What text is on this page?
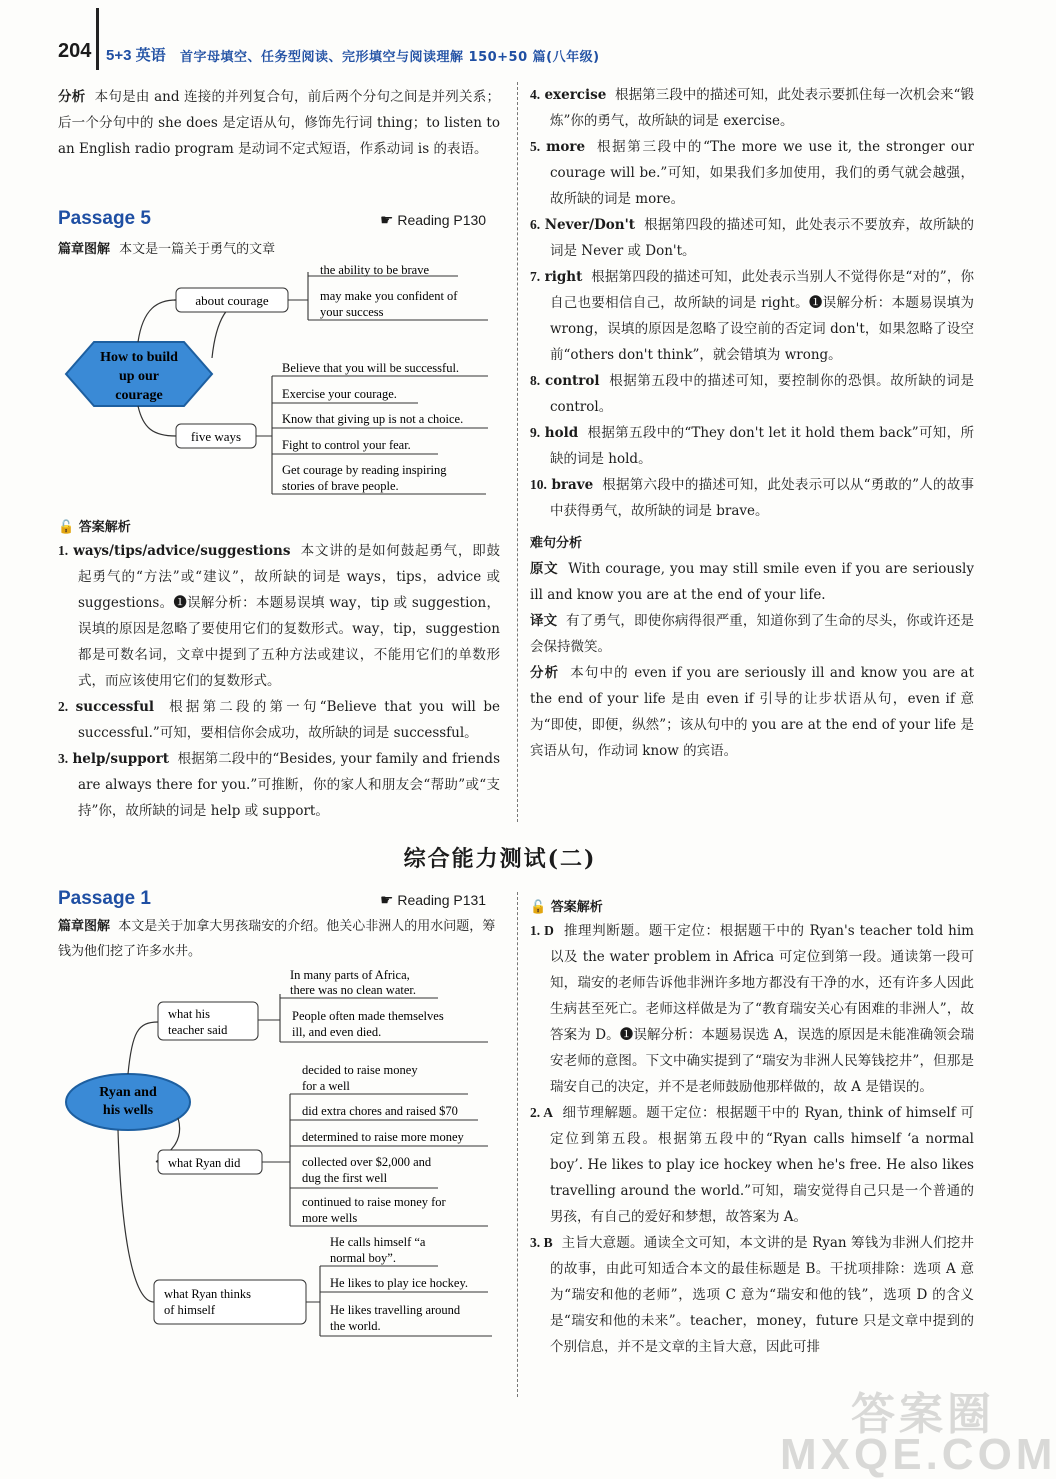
204 5+3 英语 首字母填空、任务型阅读、完形填空与阅读理解 150+50 篇(八年级)
分析 本句是由 and 连接的并列复合句，前后两个分句之间是并列关系；后一个分句中的 she does 是定语从句，修饰先行词 thing；to listen to an English radio program 是动词不定式短语，作系动词 is 的表语。
Passage 5	☛ Reading P130
篇章图解 本文是一篇关于勇气的文章
How to build
up our
courage
about courage
the ability to be brave
may make you confident of
your success
five ways
Believe that you will be successful.
Exercise your courage.
Know that giving up is not a choice.
Fight to control your fear.
Get courage by reading inspiring
stories of brave people.
🔓 答案解析
1. ways/tips/advice/suggestions 本文讲的是如何鼓起勇气，即鼓起勇气的“方法”或“建议”，故所缺的词是 ways，tips，advice 或 suggestions。❶误解分析：本题易误填 way，tip 或 suggestion，误填的原因是忽略了要使用它们的复数形式。way，tip，suggestion 都是可数名词，文章中提到了五种方法或建议，不能用它们的单数形式，而应该使用它们的复数形式。
2. successful 根据第二段的第一句“Believe that you will be successful.”可知，要相信你会成功，故所缺的词是 successful。
3. help/support 根据第二段中的“Besides, your family and friends are always there for you.”可推断，你的家人和朋友会“帮助”或“支持”你，故所缺的词是 help 或 support。
4. exercise 根据第三段中的描述可知，此处表示要抓住每一次机会来“锻炼”你的勇气，故所缺的词是 exercise。
5. more 根据第三段中的“The more we use it, the stronger our courage will be.”可知，如果我们多加使用，我们的勇气就会越强，故所缺的词是 more。
6. Never/Don't 根据第四段的描述可知，此处表示不要放弃，故所缺的词是 Never 或 Don't。
7. right 根据第四段的描述可知，此处表示当别人不觉得你是“对的”，你自己也要相信自己，故所缺的词是 right。❶误解分析：本题易误填为 wrong，误填的原因是忽略了设空前的否定词 don't，如果忽略了设空前“others don't think”，就会错填为 wrong。
8. control 根据第五段中的描述可知，要控制你的恐惧。故所缺的词是 control。
9. hold 根据第五段中的“They don't let it hold them back”可知，所缺的词是 hold。
10. brave 根据第六段中的描述可知，此处表示可以从“勇敢的”人的故事中获得勇气，故所缺的词是 brave。
难句分析
原文 With courage, you may still smile even if you are seriously ill and know you are at the end of your life.
译文 有了勇气，即使你病得很严重，知道你到了生命的尽头，你或许还是会保持微笑。
分析 本句中的 even if you are seriously ill and know you are at the end of your life 是由 even if 引导的让步状语从句，even if 意为“即使，即便，纵然”；该从句中的 you are at the end of your life 是宾语从句，作动词 know 的宾语。
综合能力测试(二)
Passage 1	☛ Reading P131
篇章图解 本文是关于加拿大男孩瑞安的介绍。他关心非洲人的用水问题，筹钱为他们挖了许多水井。
Ryan and
his wells
what his
teacher said
In many parts of Africa,
there was no clean water.
People often made themselves
ill, and even died.
what Ryan did
decided to raise money
for a well
did extra chores and raised $70
determined to raise more money
collected over $2,000 and
dug the first well
continued to raise money for
more wells
what Ryan thinks
of himself
He calls himself “a
normal boy”.
He likes to play ice hockey.
He likes travelling around
the world.
🔓 答案解析
1. D 推理判断题。题干定位：根据题干中的 Ryan's teacher told him 以及 the water problem in Africa 可定位到第一段。通读第一段可知，瑞安的老师告诉他非洲许多地方都没有干净的水，还有许多人因此生病甚至死亡。老师这样做是为了“教育瑞安关心有困难的非洲人”，故答案为 D。❶误解分析：本题易误选 A，误选的原因是未能准确领会瑞安老师的意图。下文中确实提到了“瑞安为非洲人民筹钱挖井”，但那是瑞安自己的决定，并不是老师鼓励他那样做的，故 A 是错误的。
2. A 细节理解题。题干定位：根据题干中的 Ryan, think of himself 可定位到第五段。根据第五段中的“Ryan calls himself ‘a normal boy’. He likes to play ice hockey when he's free. He also likes travelling around the world.”可知，瑞安觉得自己只是一个普通的男孩，有自己的爱好和梦想，故答案为 A。
3. B 主旨大意题。通读全文可知，本文讲的是 Ryan 筹钱为非洲人们挖井的故事，由此可知适合本文的最佳标题是 B。干扰项排除：选项 A 意为“瑞安和他的老师”，选项 C 意为“瑞安和他的钱”，选项 D 的含义是“瑞安和他的未来”。teacher，money，future 只是文章中提到的个别信息，并不是文章的主旨大意，因此可排
答案圈 MXQE.COM
